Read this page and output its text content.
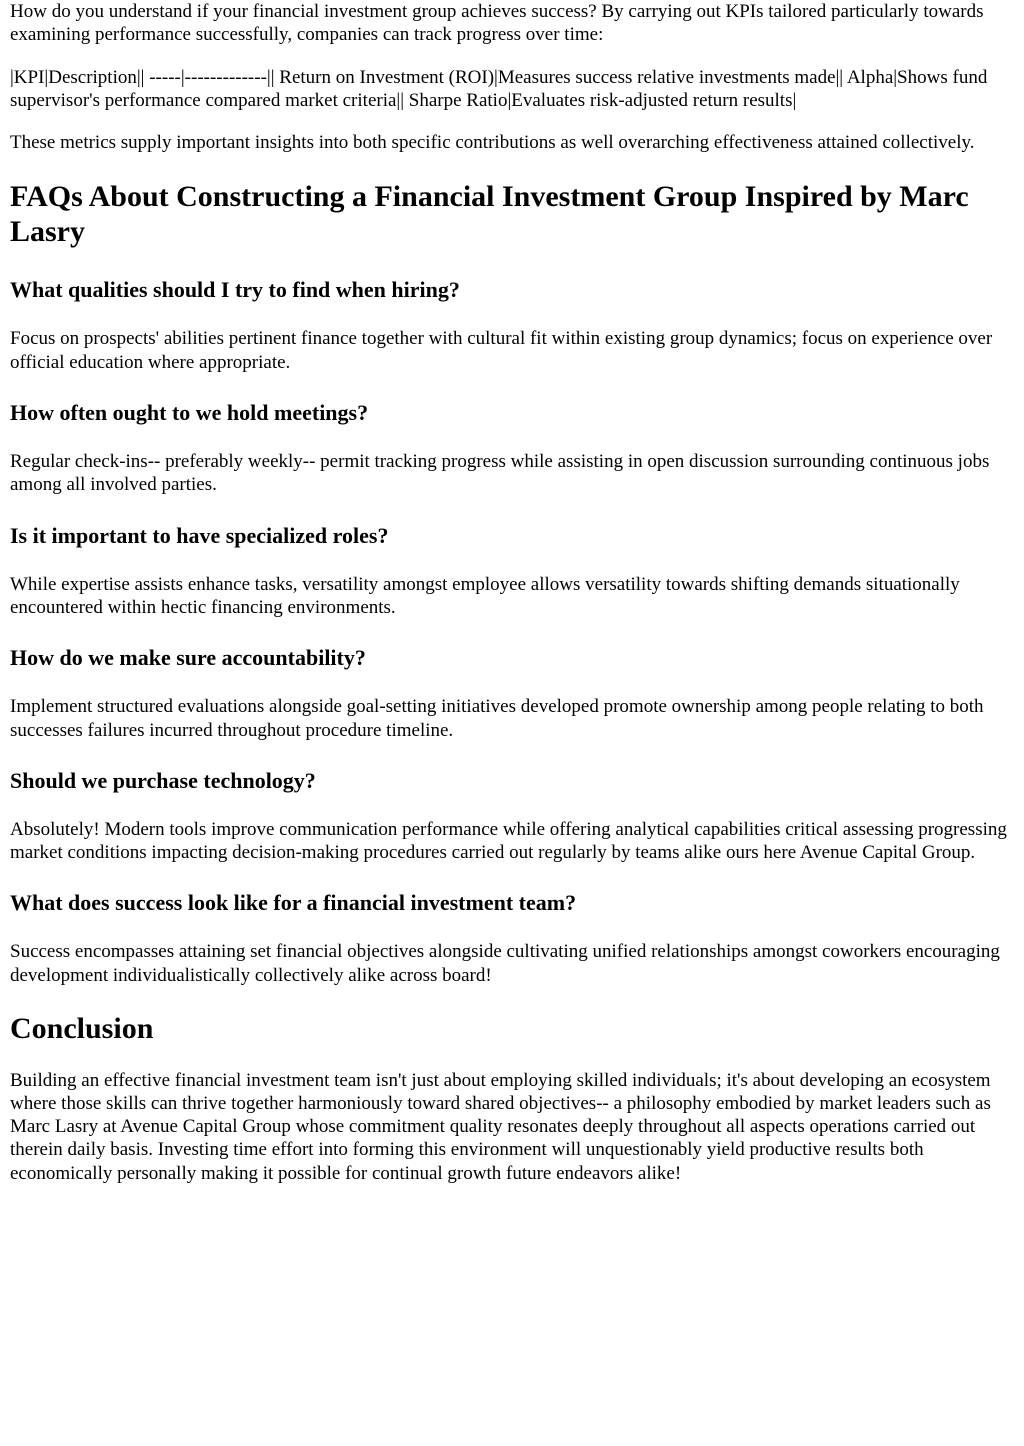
How do you understand if your financial investment group achieves success? By carrying out KPIs tailored particularly towards examining performance successfully, companies can track progress over time:

|KPI|Description|| -----|-------------|| Return on Investment (ROI)|Measures success relative investments made|| Alpha|Shows fund supervisor's performance compared market criteria|| Sharpe Ratio|Evaluates risk-adjusted return results|

These metrics supply important insights into both specific contributions as well overarching effectiveness attained collectively.

FAQs About Constructing a Financial Investment Group Inspired by Marc Lasry
What qualities should I try to find when hiring?

Focus on prospects' abilities pertinent finance together with cultural fit within existing group dynamics; focus on experience over official education where appropriate.

How often ought to we hold meetings?

Regular check-ins-- preferably weekly-- permit tracking progress while assisting in open discussion surrounding continuous jobs among all involved parties.

Is it important to have specialized roles?

While expertise assists enhance tasks, versatility amongst employee allows versatility towards shifting demands situationally encountered within hectic financing environments.

How do we make sure accountability?

Implement structured evaluations alongside goal-setting initiatives developed promote ownership among people relating to both successes failures incurred throughout procedure timeline.

Should we purchase technology?

Absolutely! Modern tools improve communication performance while offering analytical capabilities critical assessing progressing market conditions impacting decision-making procedures carried out regularly by teams alike ours here Avenue Capital Group.

What does success look like for a financial investment team?

Success encompasses attaining set financial objectives alongside cultivating unified relationships amongst coworkers encouraging development individualistically collectively alike across board!

Conclusion

Building an effective financial investment team isn't just about employing skilled individuals; it's about developing an ecosystem where those skills can thrive together harmoniously toward shared objectives-- a philosophy embodied by market leaders such as Marc Lasry at Avenue Capital Group whose commitment quality resonates deeply throughout all aspects operations carried out therein daily basis. Investing time effort into forming this environment will unquestionably yield productive results both economically personally making it possible for continual growth future endeavors alike!
